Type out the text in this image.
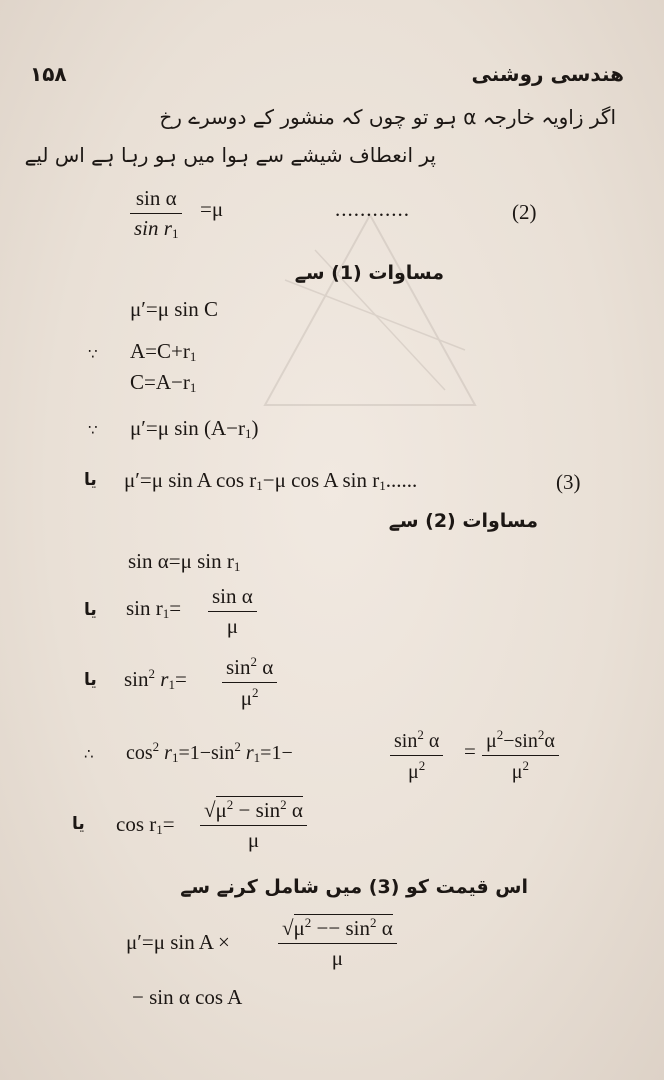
۱۵۸	هندسی روشنی
اگر زاویہ خارجہ α ہو تو چوں کہ منشور کے دوسرے رخ
پر انعطاف شیشے سے ہوا میں ہو رہا ہے اس لیے
sin α
$\sin r_1$
=μ	............	(2)
مساوات (1) سے
μ′=μ sin C
∵ $A=C+r_1$
$C=A-r_1$
∵ μ′=μ $\sin (A-r_1)$
یا μ′=μ sin A $\cos r_1-\mu$ cos A $\sin r_1$......	(3)
مساوات (2) سے
sin α=μ $\sin r_1$
یا $\sin r_1= \sin \alpha$
μ
یا $\sin^2 r_1= \sin^2 \alpha$
$\mu^2$
∴ $\cos^2 r_1=1-\sin^2$ $r_1=1-$
$\sin^2 \alpha$
$\mu^2$
= $\mu^2-\sin^2\alpha$
$\mu^2$
یا $\cos r_1=$
$√\mu^2 - \sin^2 \alpha$
μ
اس قیمت کو (3) میں شامل کرنے سے
μ′=μ sin A ×
$√\mu^2 -- \sin^2 \alpha$
μ
− sin α cos A
